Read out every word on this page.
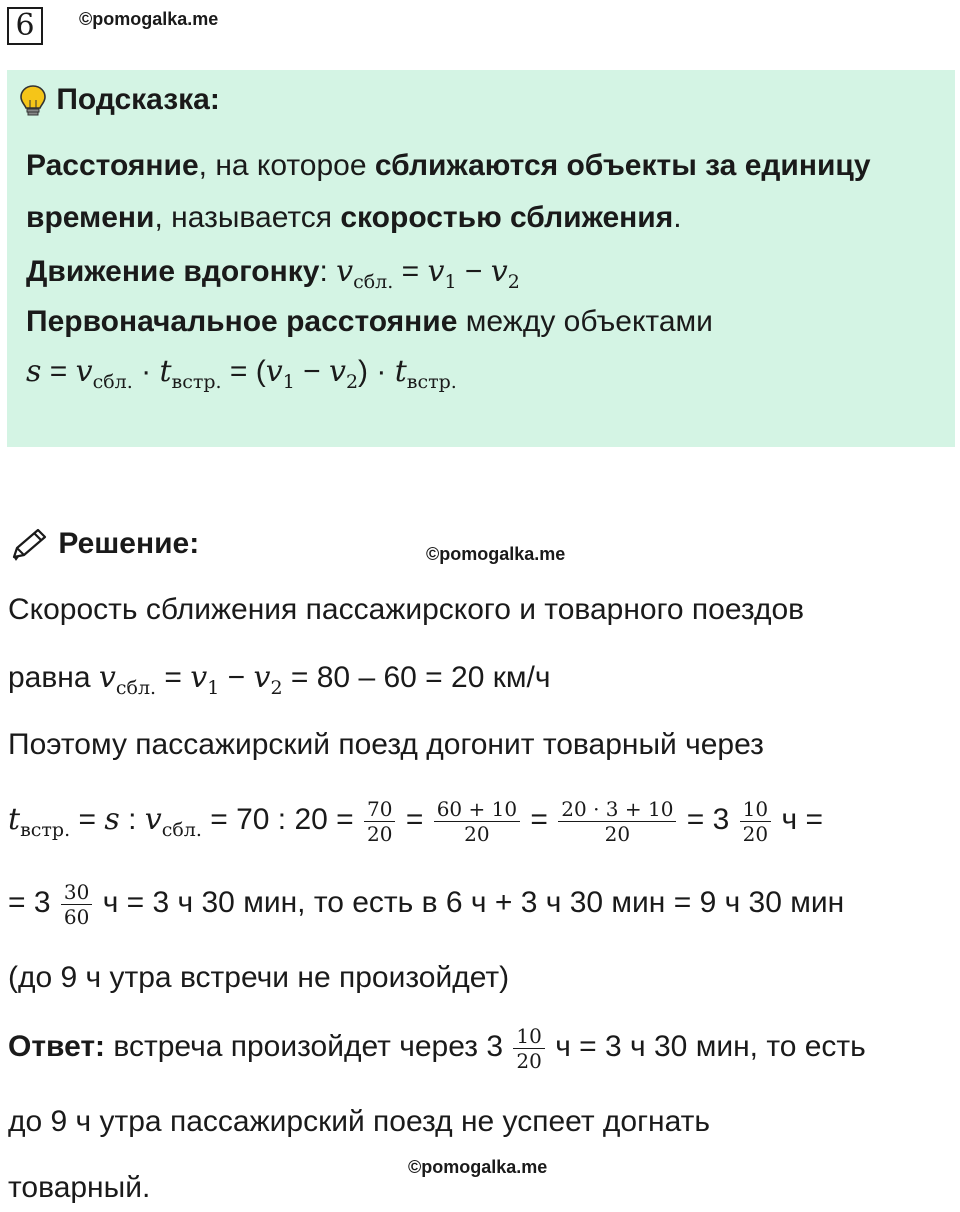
6	©pomogalka.me
Подсказка:
Расстояние, на которое сближаются объекты за единицу
времени, называется скоростью сближения.
Движение вдогонку: $v_{сбл.} = v_1 - v_2$
Первоначальное расстояние между объектами
$s = v_{сбл.} \cdot t_{встр.} = (v_1 - v_2) \cdot t_{встр.}$
Решение:	©pomogalka.me
Скорость сближения пассажирского и товарного поездов
равна $v_{сбл.} = v_1 - v_2 = 80 - 60 = 20$ км/ч
Поэтому пассажирский поезд догонит товарный через
$t_{встр.} = s$ : $v_{сбл.} = 70$ : $20 = \frac{70}{20} = \frac{60 + 10}{20} = \frac{20 \cdot 3 + 10}{20} = 3 \frac{10}{20}$ ч =
= $3 \frac{30}{60}$ ч = 3 ч 30 мин, то есть в 6 ч + 3 ч 30 мин = 9 ч 30 мин
(до 9 ч утра встречи не произойдет)
Ответ: встреча произойдет через $3 \frac{10}{20}$ ч = 3 ч 30 мин, то есть
до 9 ч утра пассажирский поезд не успеет догнать
©pomogalka.me
товарный.
